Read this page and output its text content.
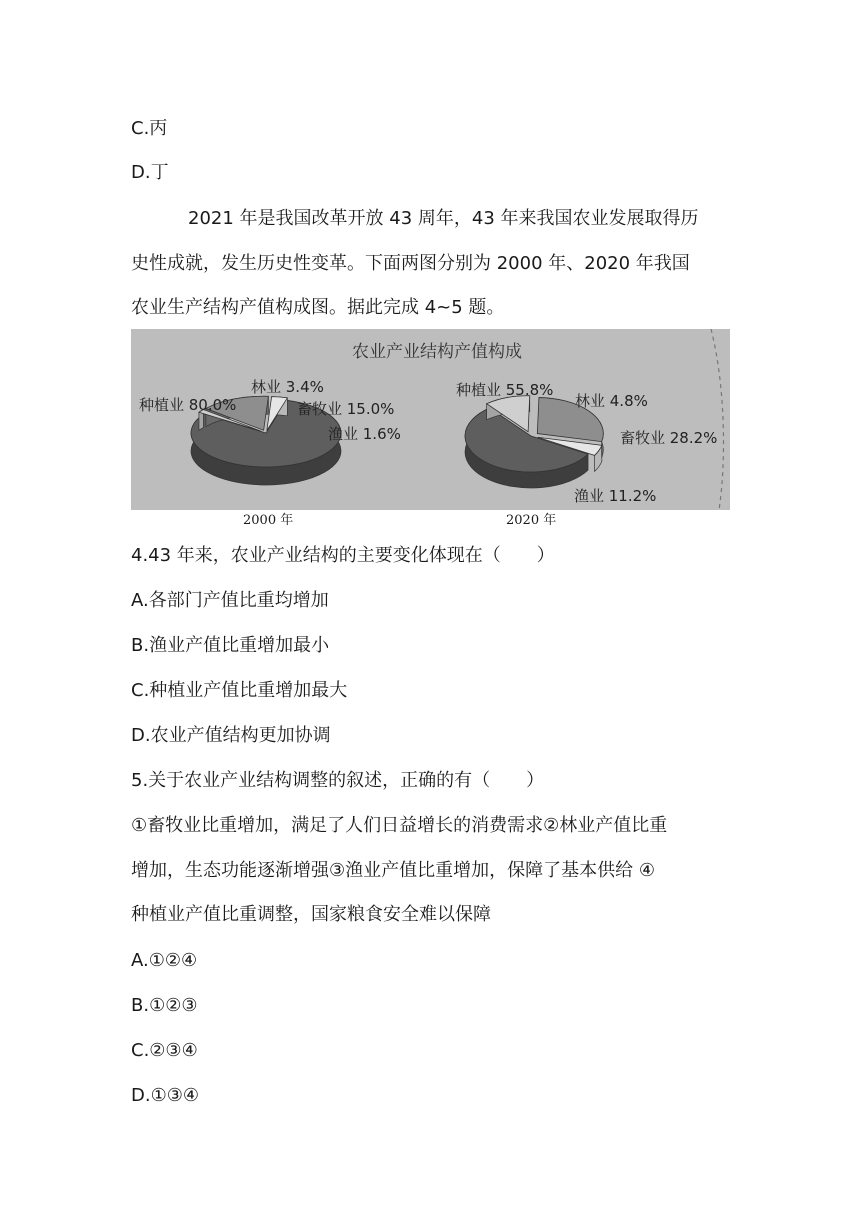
C.丙
D.丁
2021 年是我国改革开放 43 周年，43 年来我国农业发展取得历
史性成就，发生历史性变革。下面两图分别为 2000 年、2020 年我国
农业生产结构产值构成图。据此完成 4~5 题。
农业产业结构产值构成
种植业 80.0%
林业 3.4%
畜牧业 15.0%
渔业 1.6%
种植业 55.8%
林业 4.8%
畜牧业 28.2%
渔业 11.2%
2000 年	2020 年
4.43 年来，农业产业结构的主要变化体现在（　　）
A.各部门产值比重均增加
B.渔业产值比重增加最小
C.种植业产值比重增加最大
D.农业产值结构更加协调
5.关于农业产业结构调整的叙述，正确的有（　　）
①畜牧业比重增加，满足了人们日益增长的消费需求②林业产值比重
增加，生态功能逐渐增强③渔业产值比重增加，保障了基本供给 ④
种植业产值比重调整，国家粮食安全难以保障
A.①②④
B.①②③
C.②③④
D.①③④
